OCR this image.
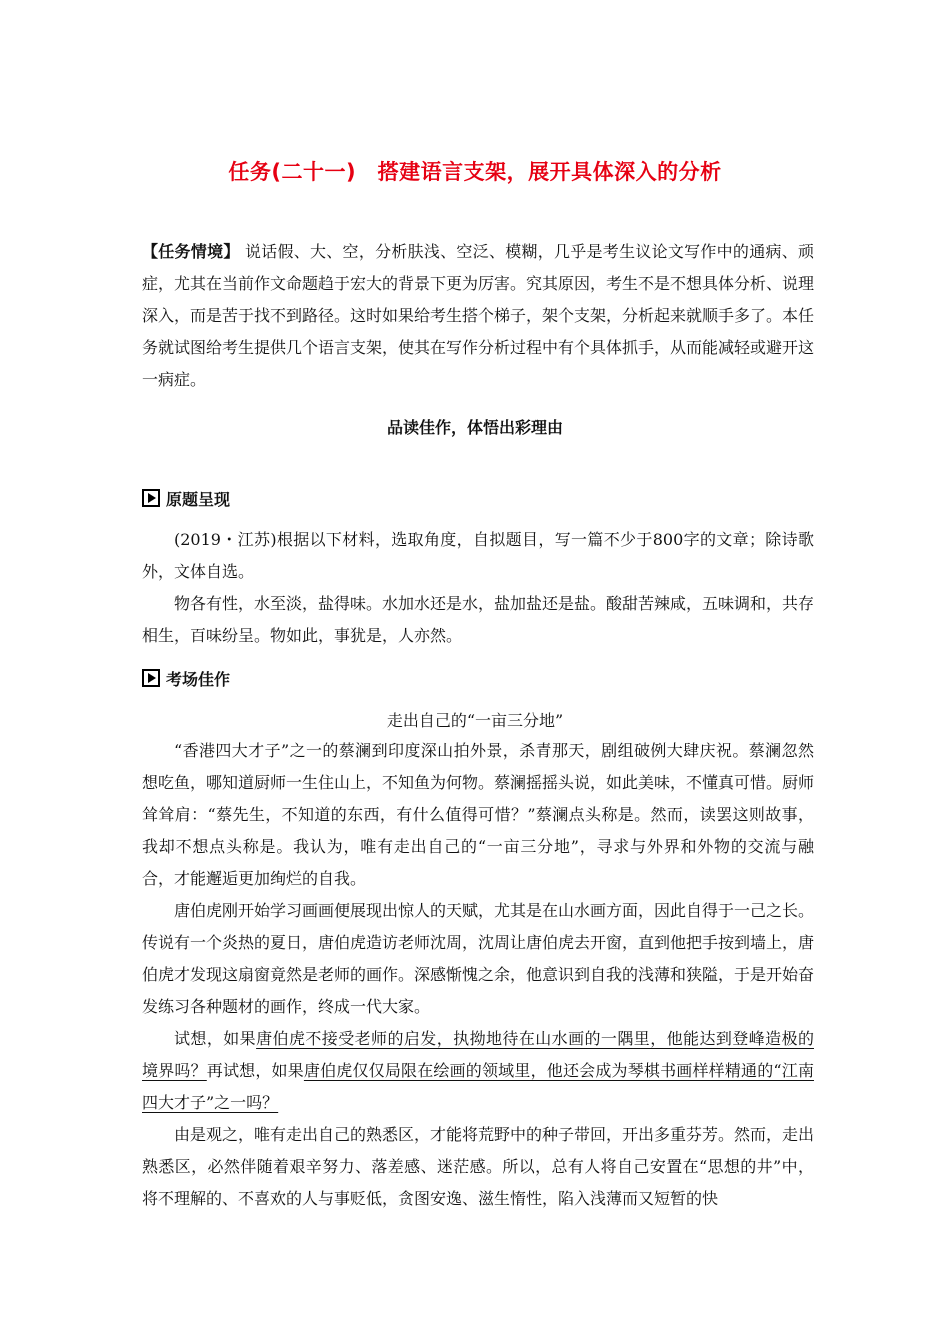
任务(二十一)　搭建语言支架，展开具体深入的分析

【任务情境】 说话假、大、空，分析肤浅、空泛、模糊，几乎是考生议论文写作中的通病、顽症，尤其在当前作文命题趋于宏大的背景下更为厉害。究其原因，考生不是不想具体分析、说理深入，而是苦于找不到路径。这时如果给考生搭个梯子，架个支架，分析起来就顺手多了。本任务就试图给考生提供几个语言支架，使其在写作分析过程中有个具体抓手，从而能减轻或避开这一病症。

品读佳作，体悟出彩理由
原题呈现

(2019・江苏)根据以下材料，选取角度，自拟题目，写一篇不少于800字的文章；除诗歌外，文体自选。

物各有性，水至淡，盐得味。水加水还是水，盐加盐还是盐。酸甜苦辣咸，五味调和，共存相生，百味纷呈。物如此，事犹是，人亦然。

考场佳作
走出自己的“一亩三分地”

“香港四大才子”之一的蔡澜到印度深山拍外景，杀青那天，剧组破例大肆庆祝。蔡澜忽然想吃鱼，哪知道厨师一生住山上，不知鱼为何物。蔡澜摇摇头说，如此美味，不懂真可惜。厨师耸耸肩：“蔡先生，不知道的东西，有什么值得可惜？”蔡澜点头称是。然而，读罢这则故事，我却不想点头称是。我认为，唯有走出自己的“一亩三分地”，寻求与外界和外物的交流与融合，才能邂逅更加绚烂的自我。

唐伯虎刚开始学习画画便展现出惊人的天赋，尤其是在山水画方面，因此自得于一己之长。传说有一个炎热的夏日，唐伯虎造访老师沈周，沈周让唐伯虎去开窗，直到他把手按到墙上，唐伯虎才发现这扇窗竟然是老师的画作。深感惭愧之余，他意识到自我的浅薄和狭隘，于是开始奋发练习各种题材的画作，终成一代大家。

试想，如果唐伯虎不接受老师的启发，执拗地待在山水画的一隅里，他能达到登峰造极的境界吗？再试想，如果唐伯虎仅仅局限在绘画的领域里，他还会成为琴棋书画样样精通的“江南四大才子”之一吗？

由是观之，唯有走出自己的熟悉区，才能将荒野中的种子带回，开出多重芬芳。然而，走出熟悉区，必然伴随着艰辛努力、落差感、迷茫感。所以，总有人将自己安置在“思想的井”中，将不理解的、不喜欢的人与事贬低，贪图安逸、滋生惰性，陷入浅薄而又短暂的快
